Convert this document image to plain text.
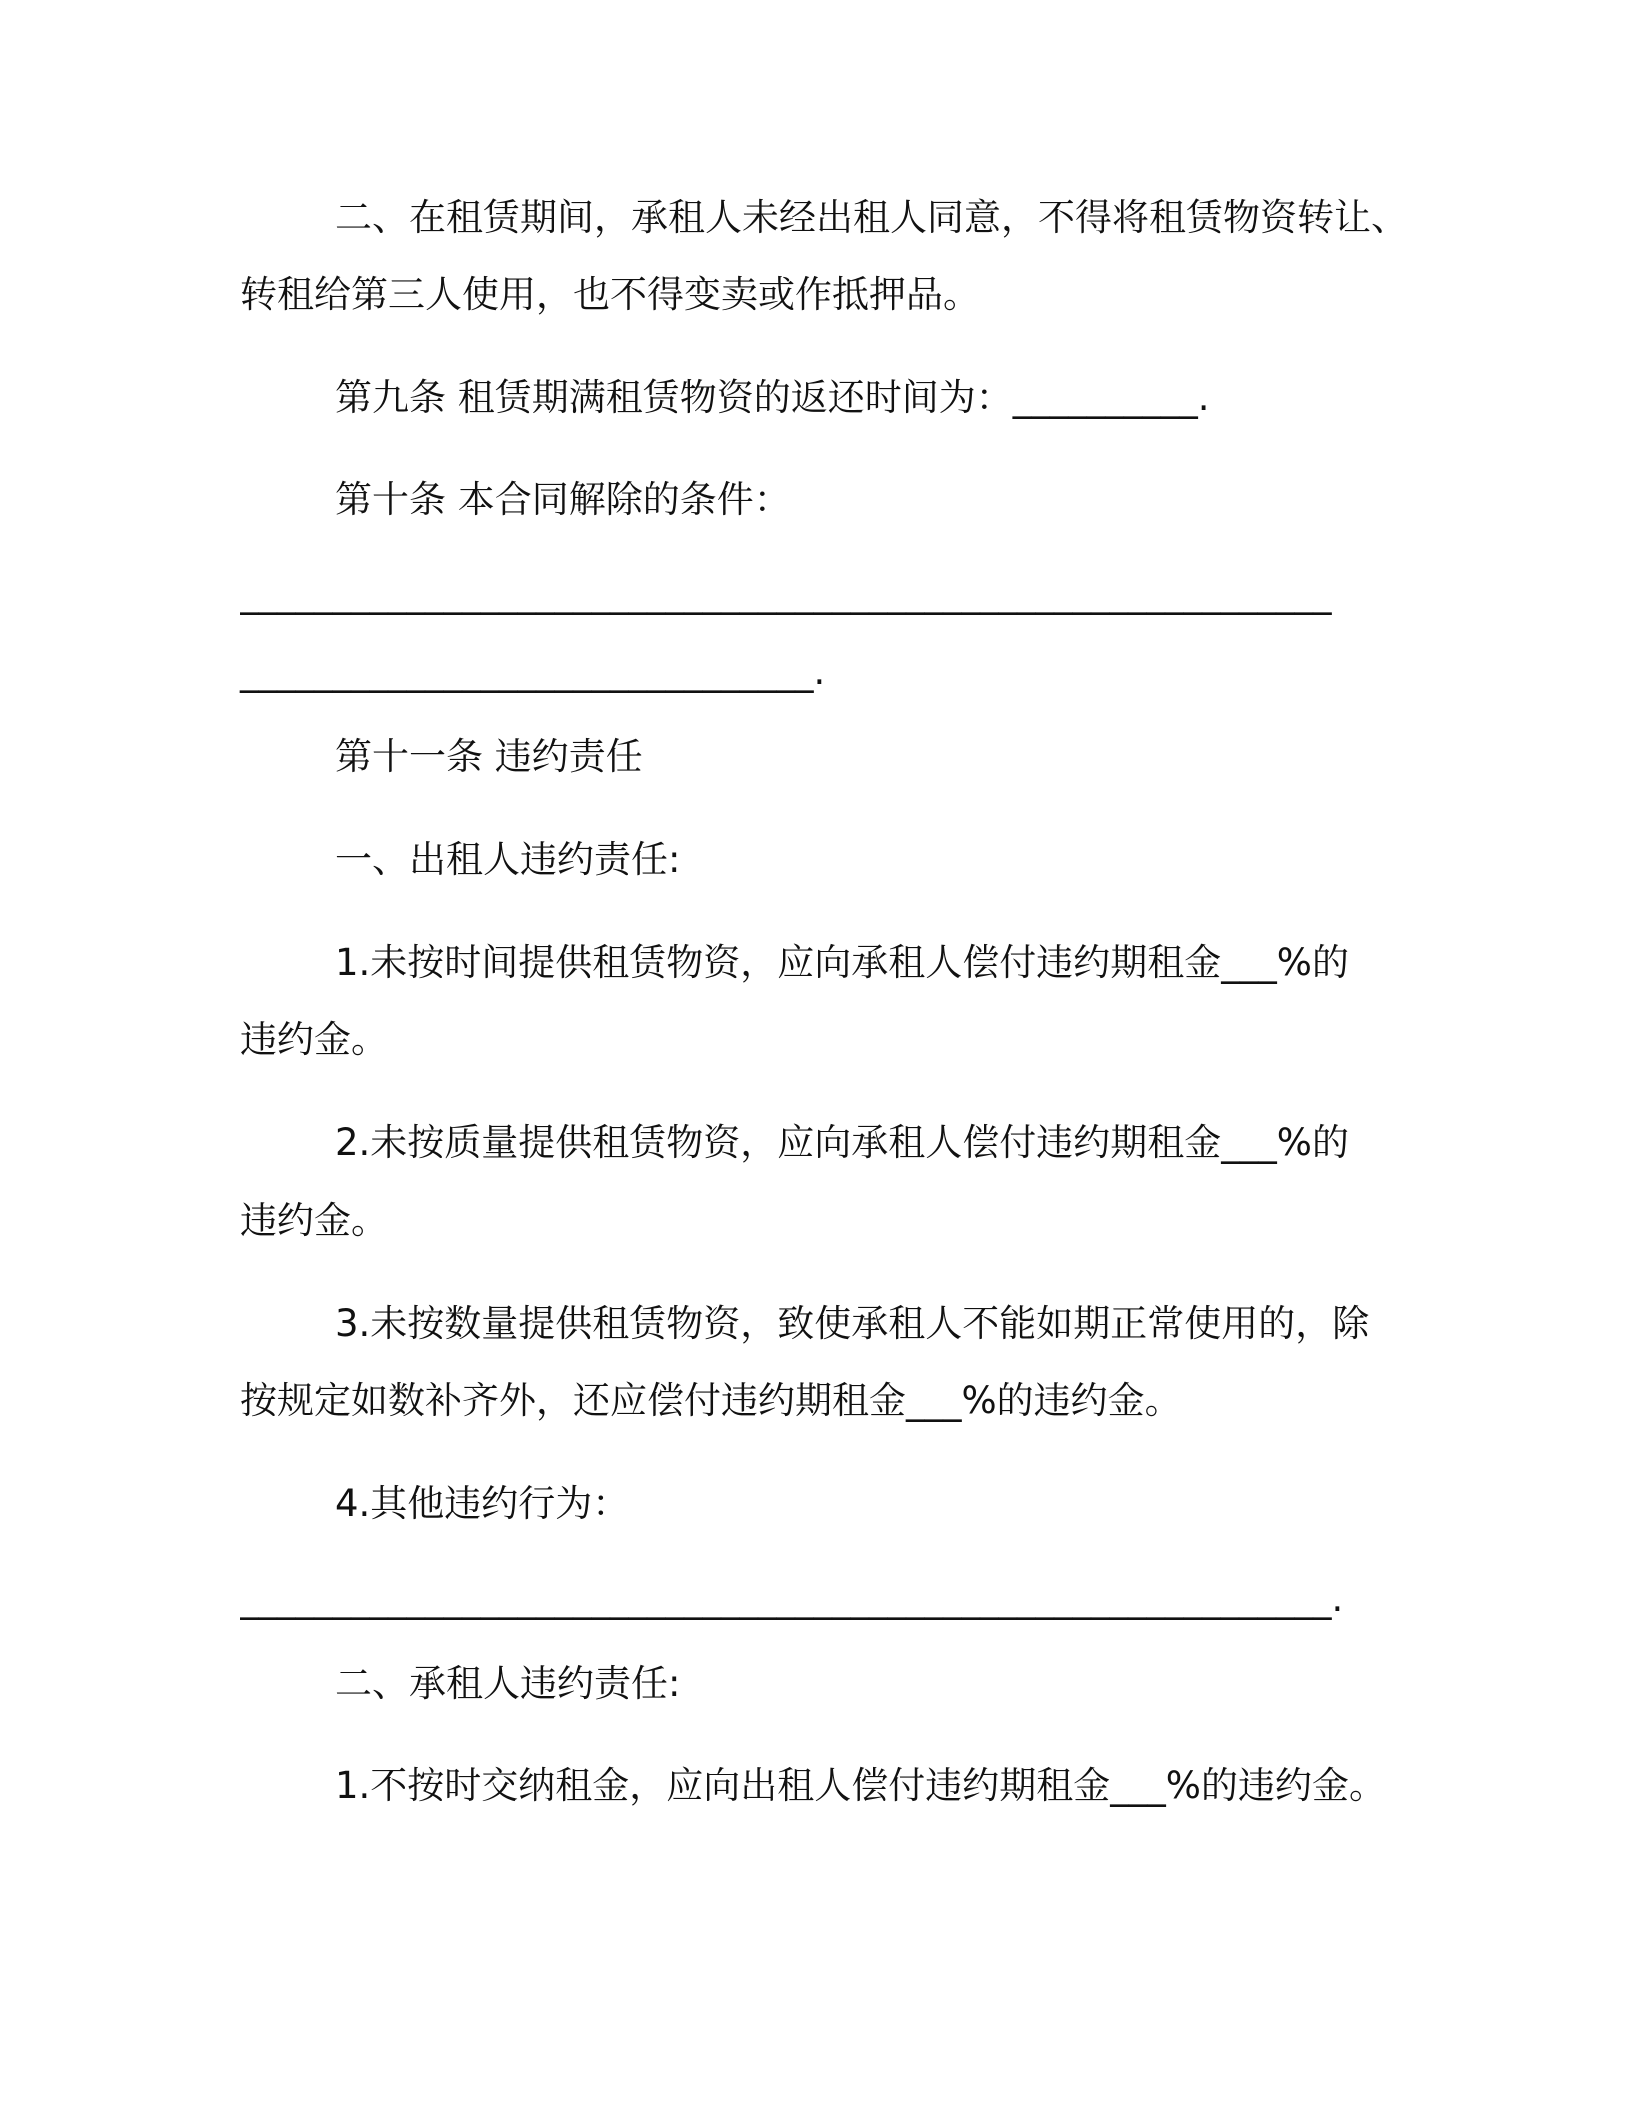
二、在租赁期间，承租人未经出租人同意，不得将租赁物资转让、
转租给第三人使用，也不得变卖或作抵押品。
第九条 租赁期满租赁物资的返还时间为：__________.
第十条 本合同解除的条件：
___________________________________________________________
_______________________________.
第十一条 违约责任
一、出租人违约责任:
1.未按时间提供租赁物资，应向承租人偿付违约期租金___%的
违约金。
2.未按质量提供租赁物资，应向承租人偿付违约期租金___%的
违约金。
3.未按数量提供租赁物资，致使承租人不能如期正常使用的，除
按规定如数补齐外，还应偿付违约期租金___%的违约金。
4.其他违约行为：
___________________________________________________________.
二、承租人违约责任:
1.不按时交纳租金，应向出租人偿付违约期租金___%的违约金。
